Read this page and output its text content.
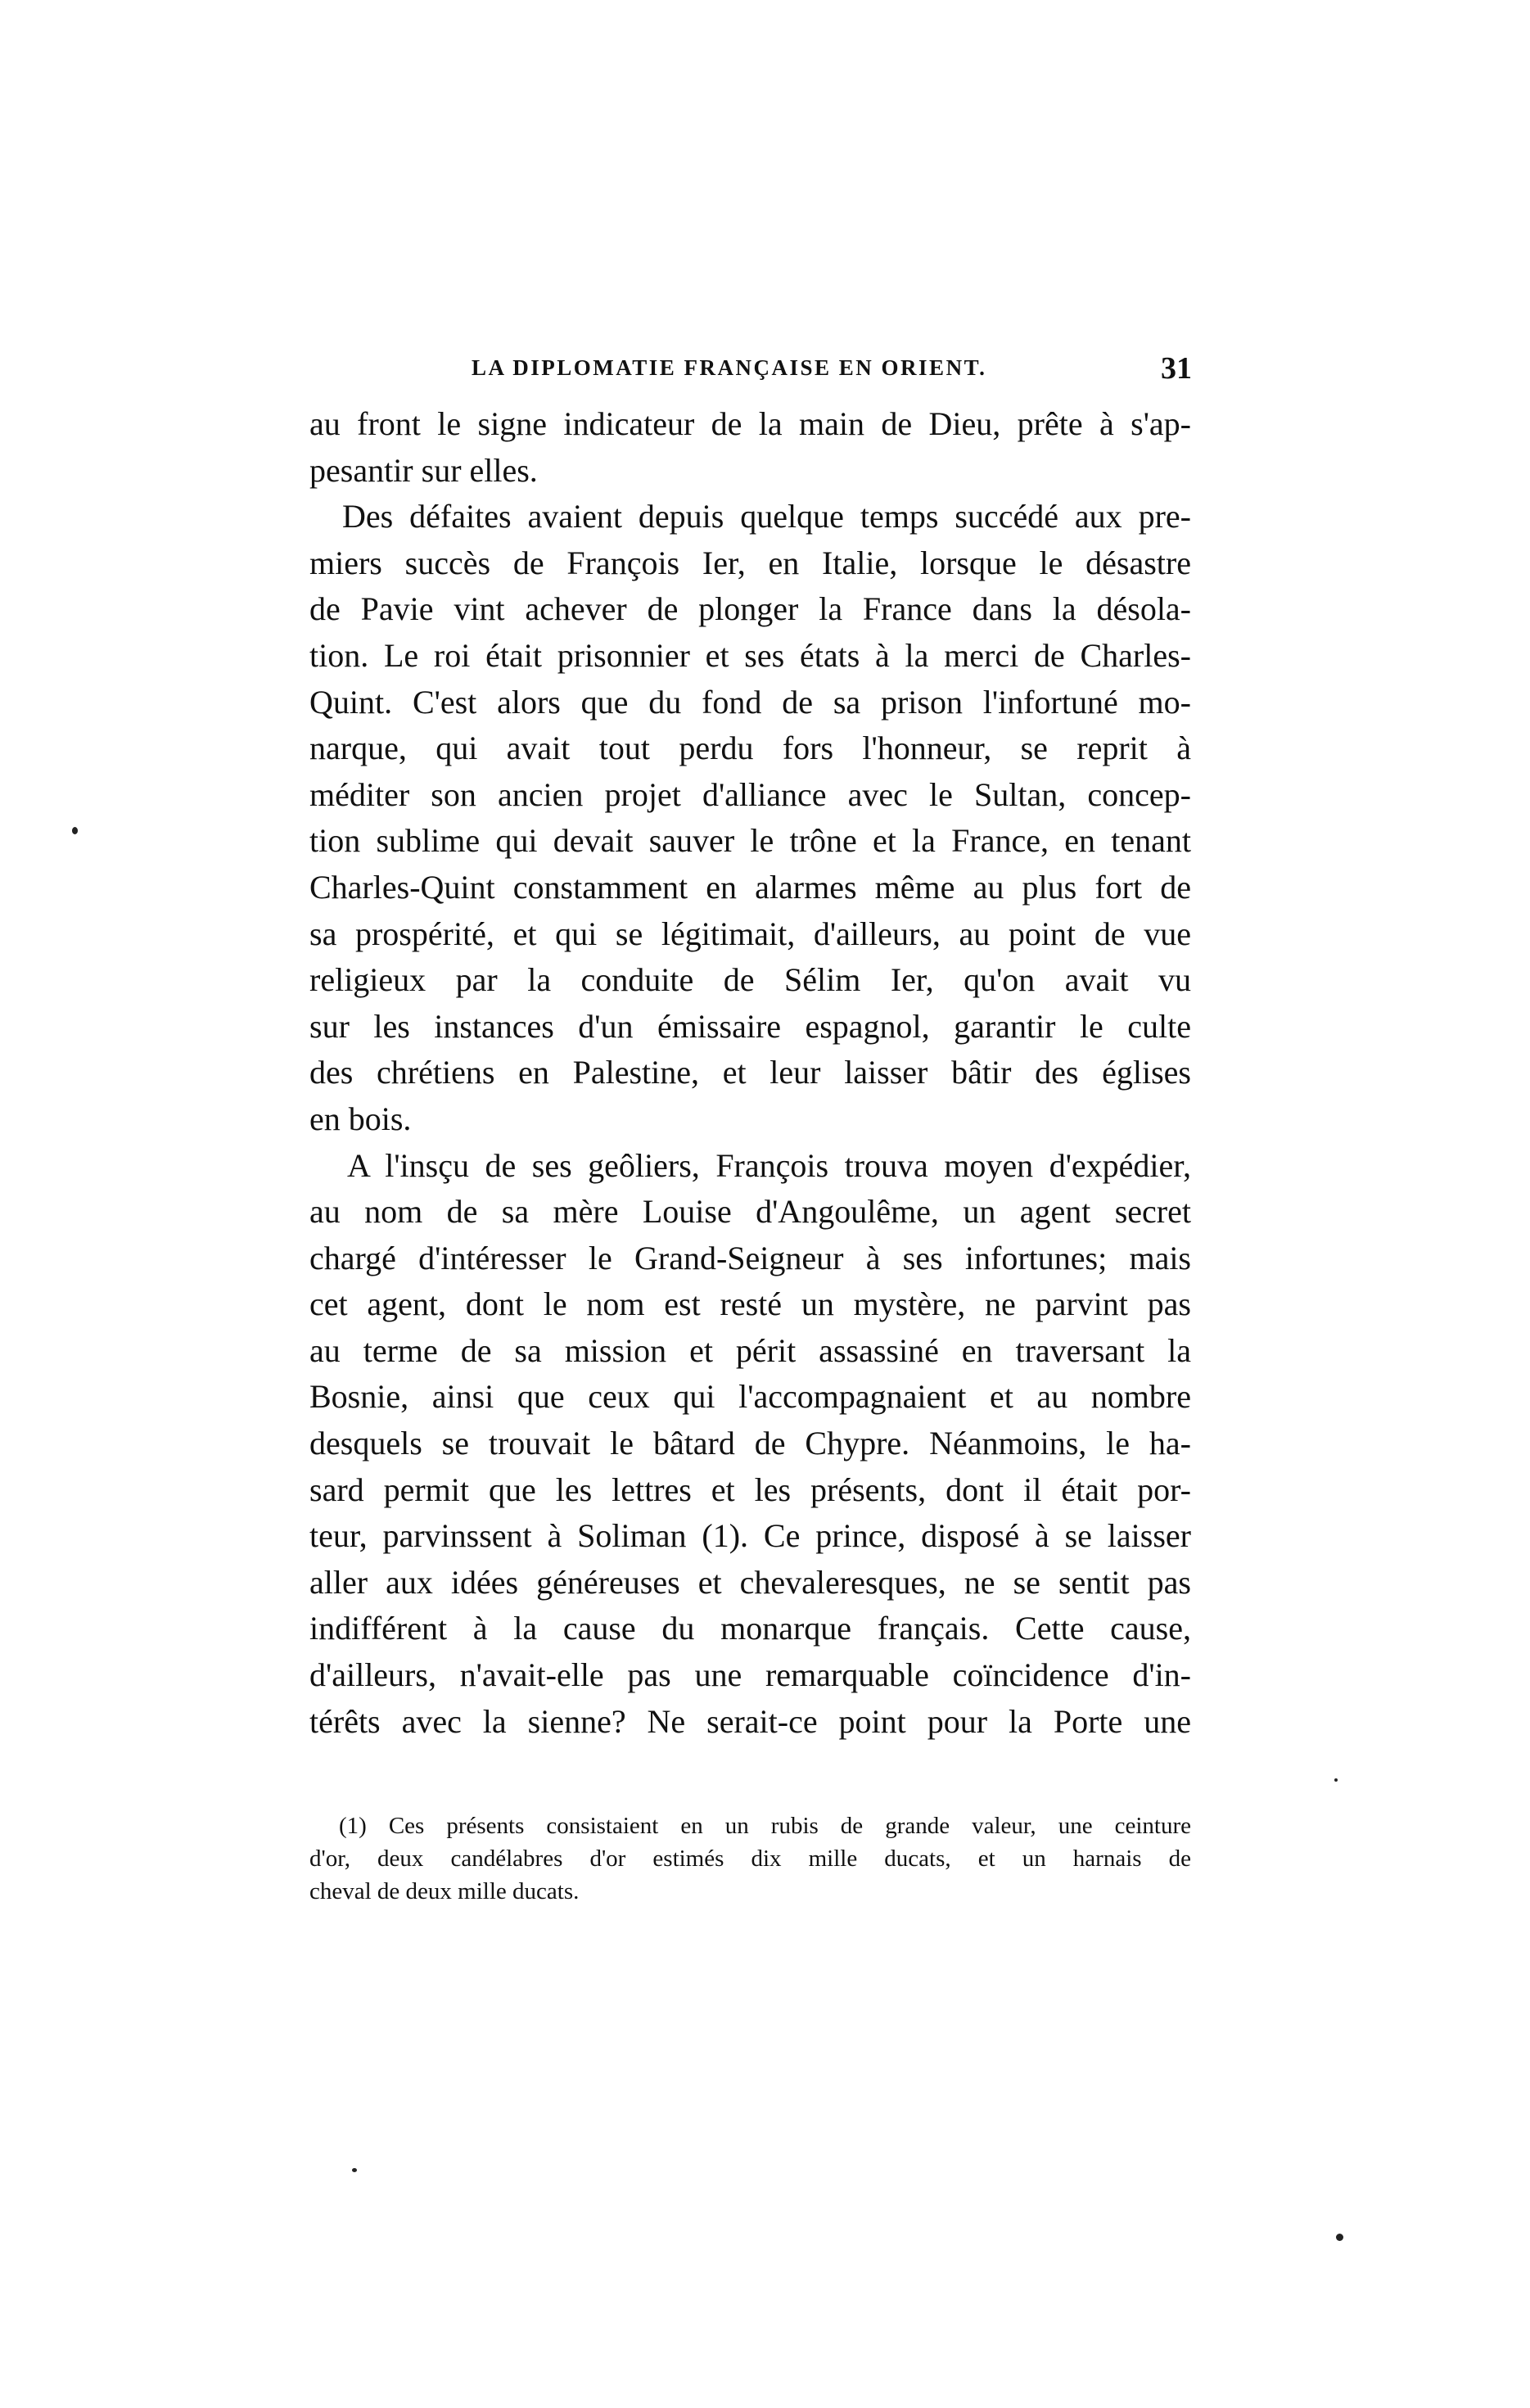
LA DIPLOMATIE FRANÇAISE EN ORIENT.	31
au front le signe indicateur de la main de Dieu, prête à s'ap-
pesantir sur elles.
Des défaites avaient depuis quelque temps succédé aux pre-
miers succès de François Ier, en Italie, lorsque le désastre
de Pavie vint achever de plonger la France dans la désola-
tion. Le roi était prisonnier et ses états à la merci de Charles-
Quint. C'est alors que du fond de sa prison l'infortuné mo-
narque, qui avait tout perdu fors l'honneur, se reprit à
méditer son ancien projet d'alliance avec le Sultan, concep-
tion sublime qui devait sauver le trône et la France, en tenant
Charles-Quint constamment en alarmes même au plus fort de
sa prospérité, et qui se légitimait, d'ailleurs, au point de vue
religieux par la conduite de Sélim Ier, qu'on avait vu
sur les instances d'un émissaire espagnol, garantir le culte
des chrétiens en Palestine, et leur laisser bâtir des églises
en bois.
A l'insçu de ses geôliers, François trouva moyen d'expédier,
au nom de sa mère Louise d'Angoulême, un agent secret
chargé d'intéresser le Grand-Seigneur à ses infortunes; mais
cet agent, dont le nom est resté un mystère, ne parvint pas
au terme de sa mission et périt assassiné en traversant la
Bosnie, ainsi que ceux qui l'accompagnaient et au nombre
desquels se trouvait le bâtard de Chypre. Néanmoins, le ha-
sard permit que les lettres et les présents, dont il était por-
teur, parvinssent à Soliman (1). Ce prince, disposé à se laisser
aller aux idées généreuses et chevaleresques, ne se sentit pas
indifférent à la cause du monarque français. Cette cause,
d'ailleurs, n'avait-elle pas une remarquable coïncidence d'in-
térêts avec la sienne? Ne serait-ce point pour la Porte une
(1) Ces présents consistaient en un rubis de grande valeur, une ceinture
d'or, deux candélabres d'or estimés dix mille ducats, et un harnais de
cheval de deux mille ducats.
